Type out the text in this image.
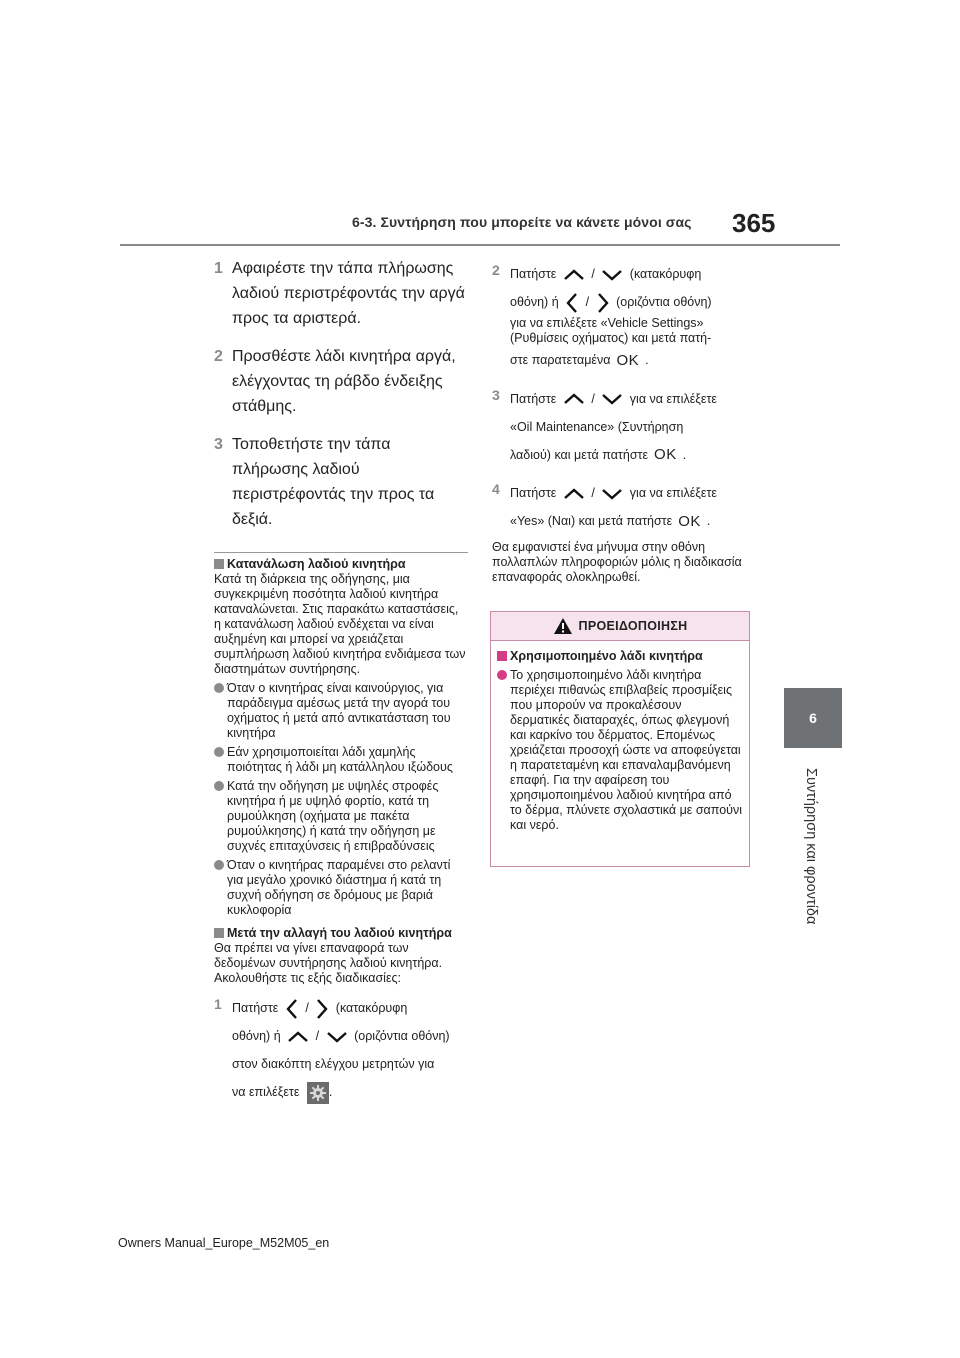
6-3. Συντήρηση που μπορείτε να κάνετε μόνοι σας 365
6
Συντήρηση και φροντίδα
1 Αφαιρέστε την τάπα πλήρωσης λαδιού περιστρέφοντάς την αργά προς τα αριστερά.
2 Προσθέστε λάδι κινητήρα αργά, ελέγχοντας τη ράβδο ένδειξης στάθμης.
3 Τοποθετήστε την τάπα πλήρωσης λαδιού περιστρέφοντάς την προς τα δεξιά.
Κατανάλωση λαδιού κινητήρα
Κατά τη διάρκεια της οδήγησης, μια συγκεκριμένη ποσότητα λαδιού κινητήρα καταναλώνεται. Στις παρακάτω καταστάσεις, η κατανάλωση λαδιού ενδέχεται να είναι αυξημένη και μπορεί να χρειάζεται συμπλήρωση λαδιού κινητήρα ενδιάμεσα των διαστημάτων συντήρησης.
Όταν ο κινητήρας είναι καινούργιος, για παράδειγμα αμέσως μετά την αγορά του οχήματος ή μετά από αντικατάσταση του κινητήρα
Εάν χρησιμοποιείται λάδι χαμηλής ποιότητας ή λάδι μη κατάλληλου ιξώδους
Κατά την οδήγηση με υψηλές στροφές κινητήρα ή με υψηλό φορτίο, κατά τη ρυμούλκηση (οχήματα με πακέτα ρυμούλκησης) ή κατά την οδήγηση με συχνές επιταχύνσεις ή επιβραδύνσεις
Όταν ο κινητήρας παραμένει στο ρελαντί για μεγάλο χρονικό διάστημα ή κατά τη συχνή οδήγηση σε δρόμους με βαριά κυκλοφορία
Μετά την αλλαγή του λαδιού κινητήρα
Θα πρέπει να γίνει επαναφορά των δεδομένων συντήρησης λαδιού κινητήρα. Ακολουθήστε τις εξής διαδικασίες:
1 Πατήστε / (κατακόρυφη
οθόνη) ή	/	(οριζόντια οθόνη)
στον διακόπτη ελέγχου μετρητών για
να επιλέξετε .
2 Πατήστε	/	(κατακόρυφη
οθόνη) ή / (οριζόντια οθόνη)
για να επιλέξετε «Vehicle Settings» (Ρυθμίσεις οχήματος) και μετά πατή-
στε παρατεταμένα OK .
3 Πατήστε	/	για να επιλέξετε
«Oil Maintenance» (Συντήρηση
λαδιού) και μετά πατήστε OK .
4 Πατήστε	/	για να επιλέξετε
«Yes» (Ναι) και μετά πατήστε OK .
Θα εμφανιστεί ένα μήνυμα στην οθόνη πολλαπλών πληροφοριών μόλις η διαδικασία επαναφοράς ολοκληρωθεί.
ΠΡΟΕΙΔΟΠΟΙΗΣΗ
Χρησιμοποιημένο λάδι κινητήρα
Το χρησιμοποιημένο λάδι κινητήρα περιέχει πιθανώς επιβλαβείς προσμίξεις που μπορούν να προκαλέσουν δερματικές διαταραχές, όπως φλεγμονή και καρκίνο του δέρματος. Επομένως χρειάζεται προσοχή ώστε να αποφεύγεται η παρατεταμένη και επαναλαμβανόμενη επαφή. Για την αφαίρεση του χρησιμοποιημένου λαδιού κινητήρα από το δέρμα, πλύνετε σχολαστικά με σαπούνι και νερό.
Owners Manual_Europe_M52M05_en
